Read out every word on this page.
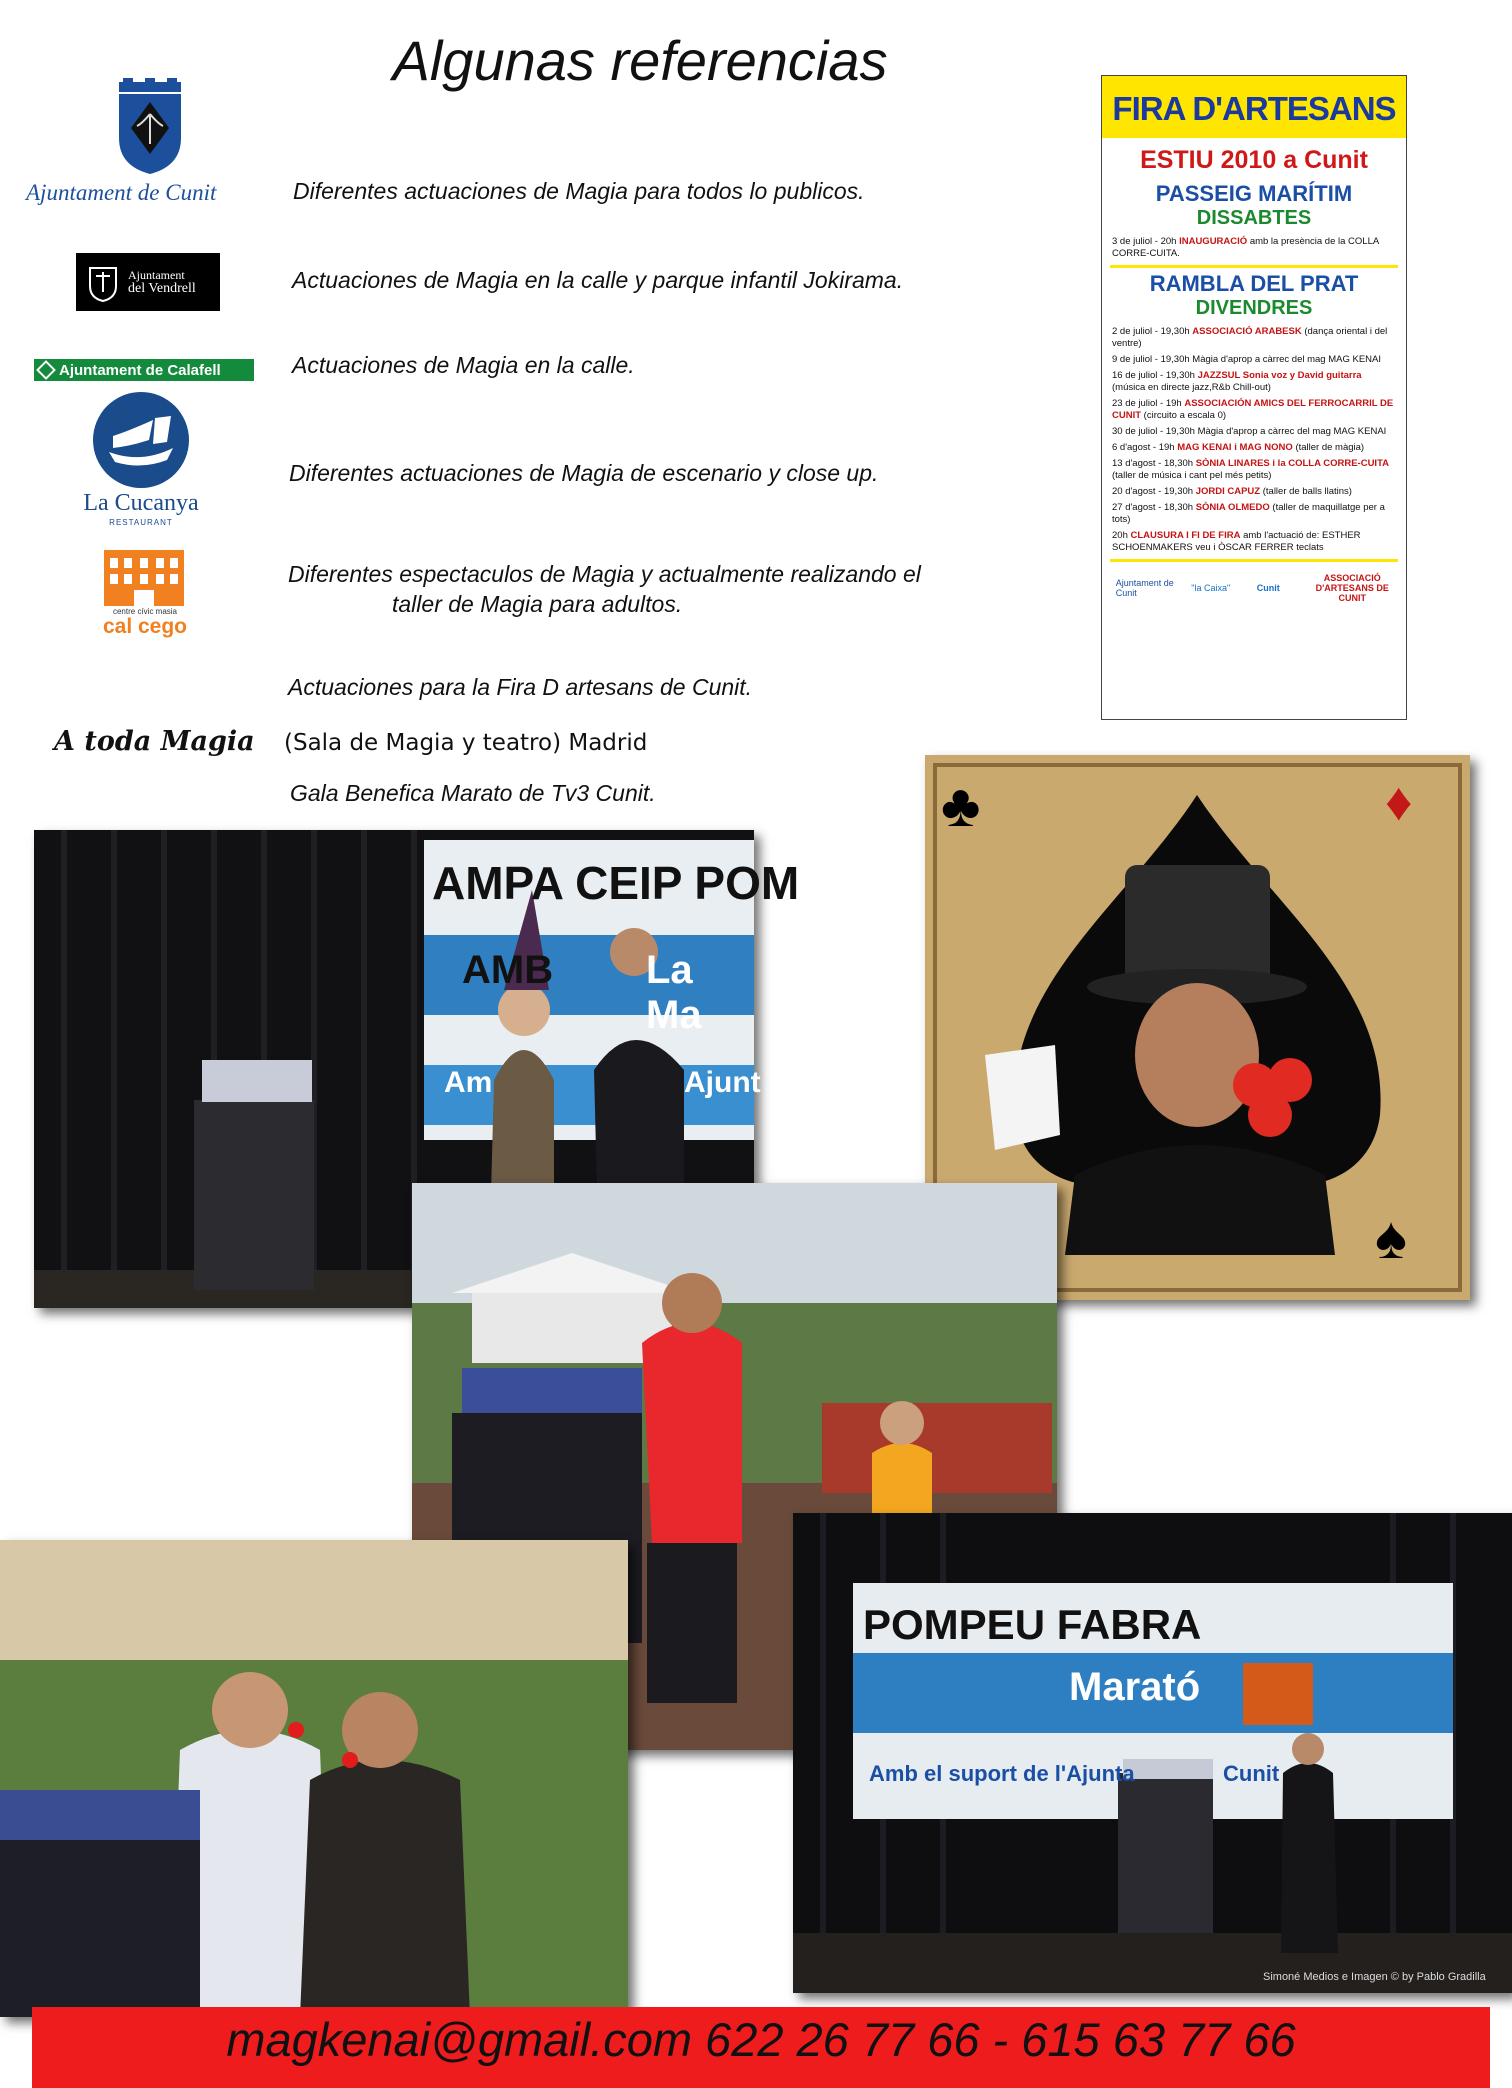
Algunas referencias
Ajuntament de Cunit	Diferentes actuaciones de Magia para todos lo publicos.
Ajuntament
del Vendrell	Actuaciones de Magia en la calle y parque infantil Jokirama.
Ajuntament de Calafell	Actuaciones de Magia en la calle.
La Cucanya
RESTAURANT
Diferentes actuaciones de Magia de escenario y close up.
centre cívic masia
cal cego
Diferentes espectaculos de Magia y actualmente realizando el
taller de Magia para adultos.
Actuaciones para la Fira D artesans de Cunit.
A toda Magia (Sala de Magia y teatro) Madrid
Gala Benefica Marato de Tv3 Cunit.
FIRA D'ARTESANS
ESTIU 2010 a Cunit
PASSEIG MARÍTIM
DISSABTES
3 de juliol - 20h INAUGURACIÓ amb la presència de la COLLA CORRE-CUITA.
RAMBLA DEL PRAT
DIVENDRES
2 de juliol - 19,30h ASSOCIACIÓ ARABESK (dança oriental i del ventre)
9 de juliol - 19,30h Màgia d'aprop a càrrec del mag MAG KENAI
16 de juliol - 19,30h JAZZSUL Sonia voz y David guitarra (música en directe jazz,R&b Chill-out)
23 de juliol - 19h ASSOCIACIÓN AMICS DEL FERROCARRIL DE CUNIT (circuito a escala 0)
30 de juliol - 19,30h Màgia d'aprop a càrrec del mag MAG KENAI
6 d'agost - 19h MAG KENAI i MAG NONO (taller de màgia)
13 d'agost - 18,30h SÒNIA LINARES i la COLLA CORRE-CUITA (taller de música i cant pel més petits)
20 d'agost - 19,30h JORDI CAPUZ (taller de balls llatins)
27 d'agost - 18,30h SÒNIA OLMEDO (taller de maquillatge per a tots)
20h CLAUSURA I FI DE FIRA amb l'actuació de: ESTHER SCHOENMAKERS veu i ÒSCAR FERRER teclats
Ajuntament de Cunit	"la Caixa"	Cunit
ASSOCIACIÓ D'ARTESANS DE CUNIT
AMPA CEIP POM
AMB La Ma
Am	Ajunt
♣	♦
♠
POMPEU FABRA
Marató
Amb el suport de l'Ajunta	Cunit
Simoné Medios e Imagen © by Pablo Gradilla
magkenai@gmail.com 622 26 77 66 - 615 63 77 66
